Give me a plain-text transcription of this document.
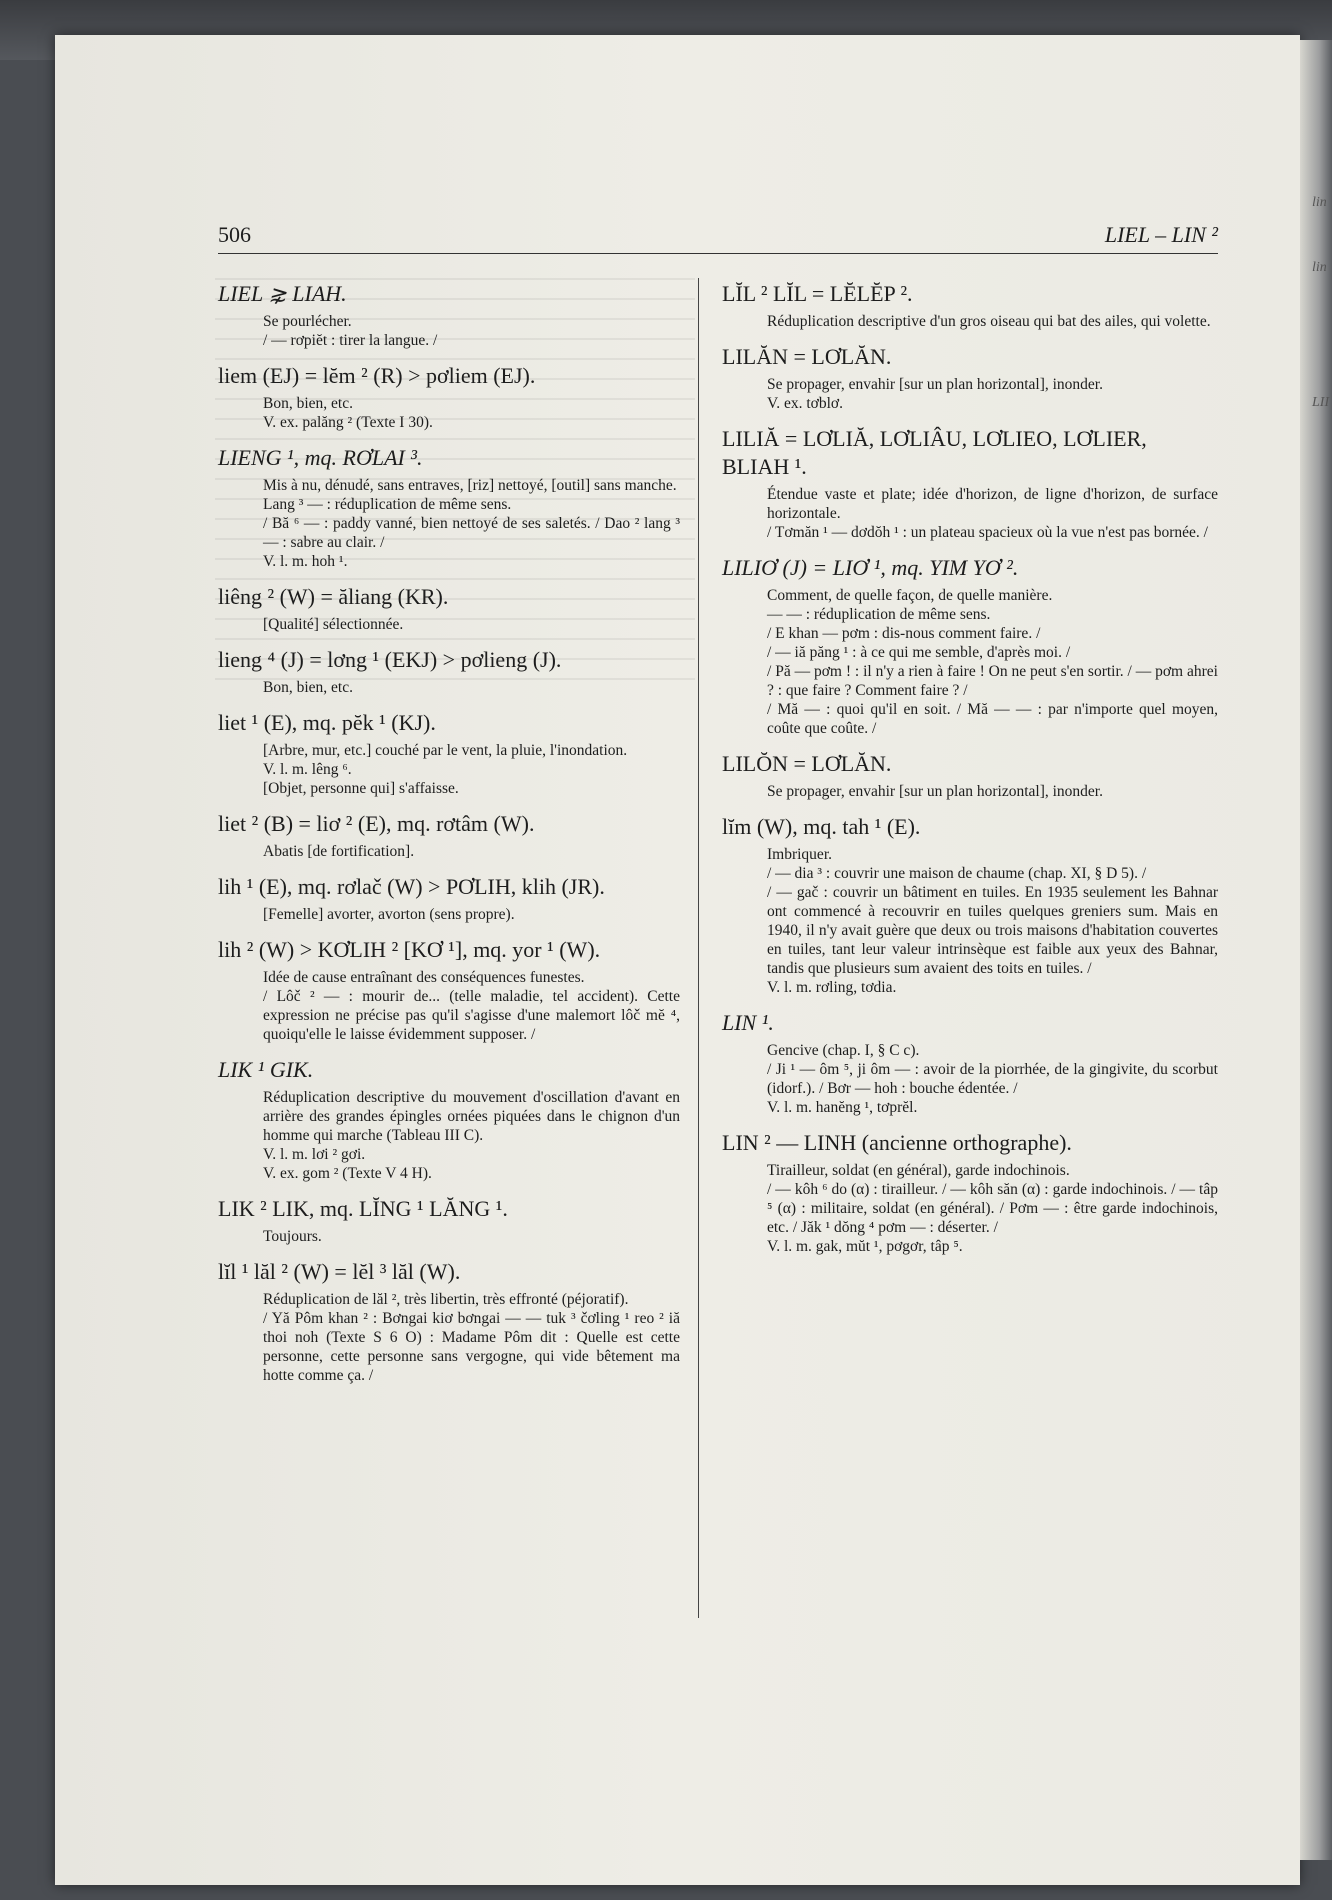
lin
lin
LII
506	LIEL – LIN ²
LIEL ⋧ LIAH.

Se pourlécher.

/ — rơpiĕt : tirer la langue. /

liem (EJ) = lĕm ² (R) > pơliem (EJ).

Bon, bien, etc.

V. ex. palăng ² (Texte I 30).

LIENG ¹, mq. RƠLAI ³.

Mis à nu, dénudé, sans entraves, [riz] nettoyé, [outil] sans manche.

Lang ³ — : réduplication de même sens.

/ Bă ⁶ — : paddy vanné, bien nettoyé de ses saletés. / Dao ² lang ³ — : sabre au clair. /

V. l. m. hoh ¹.

liêng ² (W) = ăliang (KR).

[Qualité] sélectionnée.

lieng ⁴ (J) = lơng ¹ (EKJ) > pơlieng (J).

Bon, bien, etc.

liet ¹ (E), mq. pĕk ¹ (KJ).

[Arbre, mur, etc.] couché par le vent, la pluie, l'inondation.

V. l. m. lêng ⁶.

[Objet, personne qui] s'affaisse.

liet ² (B) = liơ ² (E), mq. rơtâm (W).

Abatis [de fortification].

lih ¹ (E), mq. rơlač (W) > PƠLIH, klih (JR).

[Femelle] avorter, avorton (sens propre).

lih ² (W) > KƠLIH ² [KƠ ¹], mq. yor ¹ (W).

Idée de cause entraînant des conséquences funestes.

/ Lôč ² — : mourir de... (telle maladie, tel accident). Cette expression ne précise pas qu'il s'agisse d'une malemort lôč mĕ ⁴, quoiqu'elle le laisse évidemment supposer. /

LIK ¹ GIK.

Réduplication descriptive du mouvement d'oscillation d'avant en arrière des grandes épingles ornées piquées dans le chignon d'un homme qui marche (Tableau III C).

V. l. m. lơi ² gơi.

V. ex. gom ² (Texte V 4 H).

LIK ² LIK, mq. LĬNG ¹ LĂNG ¹.

Toujours.

lĭl ¹ lăl ² (W) = lĕl ³ lăl (W).

Réduplication de lăl ², très libertin, très effronté (péjoratif).

/ Yă Pôm khan ² : Bơngai kiơ bơngai — — tuk ³ čơling ¹ reo ² iă thoi noh (Texte S 6 O) : Madame Pôm dit : Quelle est cette personne, cette personne sans vergogne, qui vide bêtement ma hotte comme ça. /

LĬL ² LĬL = LĔLĔP ².

Réduplication descriptive d'un gros oiseau qui bat des ailes, qui volette.

LILĂN = LƠLĂN.

Se propager, envahir [sur un plan horizontal], inonder.

V. ex. tơblơ.

LILIĂ = LƠLIĂ, LƠLIÂU, LƠLIEO, LƠLIER, BLIAH ¹.

Étendue vaste et plate; idée d'horizon, de ligne d'horizon, de surface horizontale.

/ Tơmăn ¹ — dơdŏh ¹ : un plateau spacieux où la vue n'est pas bornée. /

LILIƠ (J) = LIƠ ¹, mq. YIM YƠ ².

Comment, de quelle façon, de quelle manière.

— — : réduplication de même sens.

/ E khan — pơm : dis-nous comment faire. /

/ — iă păng ¹ : à ce qui me semble, d'après moi. /

/ Pă — pơm ! : il n'y a rien à faire ! On ne peut s'en sortir. / — pơm ahrei ? : que faire ? Comment faire ? /

/ Mă — : quoi qu'il en soit. / Mă — — : par n'importe quel moyen, coûte que coûte. /

LILŎN = LƠLĂN.

Se propager, envahir [sur un plan horizontal], inonder.

lĭm (W), mq. tah ¹ (E).

Imbriquer.

/ — dia ³ : couvrir une maison de chaume (chap. XI, § D 5). /

/ — gač : couvrir un bâtiment en tuiles. En 1935 seulement les Bahnar ont commencé à recouvrir en tuiles quelques greniers sum. Mais en 1940, il n'y avait guère que deux ou trois maisons d'habitation couvertes en tuiles, tant leur valeur intrinsèque est faible aux yeux des Bahnar, tandis que plusieurs sum avaient des toits en tuiles. /

V. l. m. rơling, tơdia.

LIN ¹.

Gencive (chap. I, § C c).

/ Ji ¹ — ôm ⁵, ji ôm — : avoir de la piorrhée, de la gingivite, du scorbut (idorf.). / Bơr — hoh : bouche édentée. /

V. l. m. hanĕng ¹, tơprĕl.

LIN ² — LINH (ancienne orthographe).

Tirailleur, soldat (en général), garde indochinois.

/ — kôh ⁶ do (α) : tirailleur. / — kôh săn (α) : garde indochinois. / — tâp ⁵ (α) : militaire, soldat (en général). / Pơm — : être garde indochinois, etc. / Jăk ¹ dŏng ⁴ pơm — : déserter. /

V. l. m. gak, mŭt ¹, pơgơr, tâp ⁵.
